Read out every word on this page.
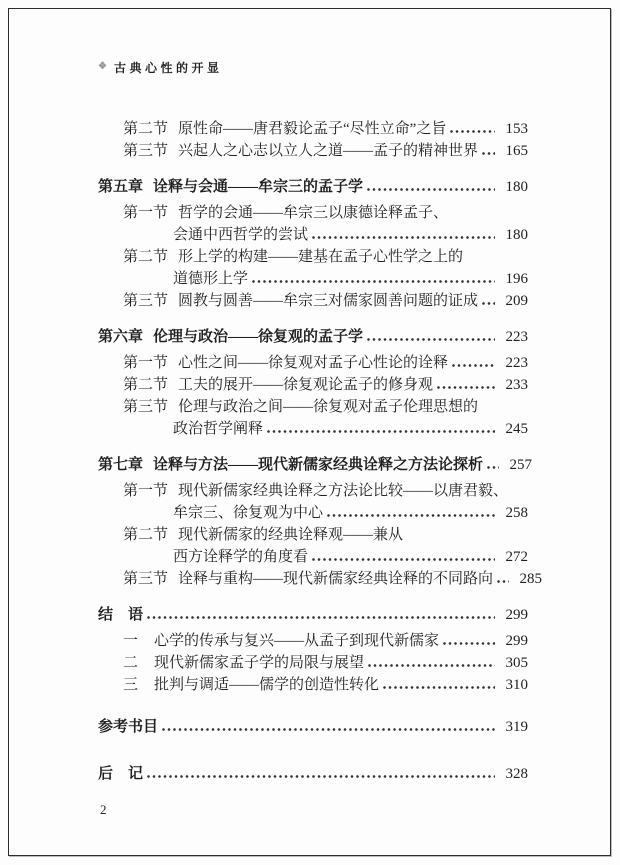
❖ 古典心性的开显
第二节 原性命——唐君毅论孟子“尽性立命”之旨	153
第三节 兴起人之心志以立人之道——孟子的精神世界	165
第五章 诠释与会通——牟宗三的孟子学	180
第一节 哲学的会通——牟宗三以康德诠释孟子、
会通中西哲学的尝试	180
第二节 形上学的构建——建基在孟子心性学之上的
道德形上学	196
第三节 圆教与圆善——牟宗三对儒家圆善问题的证成	209
第六章 伦理与政治——徐复观的孟子学	223
第一节 心性之间——徐复观对孟子心性论的诠释	223
第二节 工夫的展开——徐复观论孟子的修身观	233
第三节 伦理与政治之间——徐复观对孟子伦理思想的
政治哲学阐释	245
第七章 诠释与方法——现代新儒家经典诠释之方法论探析	257
第一节 现代新儒家经典诠释之方法论比较——以唐君毅、
牟宗三、徐复观为中心	258
第二节 现代新儒家的经典诠释观——兼从
西方诠释学的角度看	272
第三节 诠释与重构——现代新儒家经典诠释的不同路向	285
结　语	299
一 心学的传承与复兴——从孟子到现代新儒家	299
二 现代新儒家孟子学的局限与展望	305
三 批判与调适——儒学的创造性转化	310
参考书目	319
后　记	328
2
